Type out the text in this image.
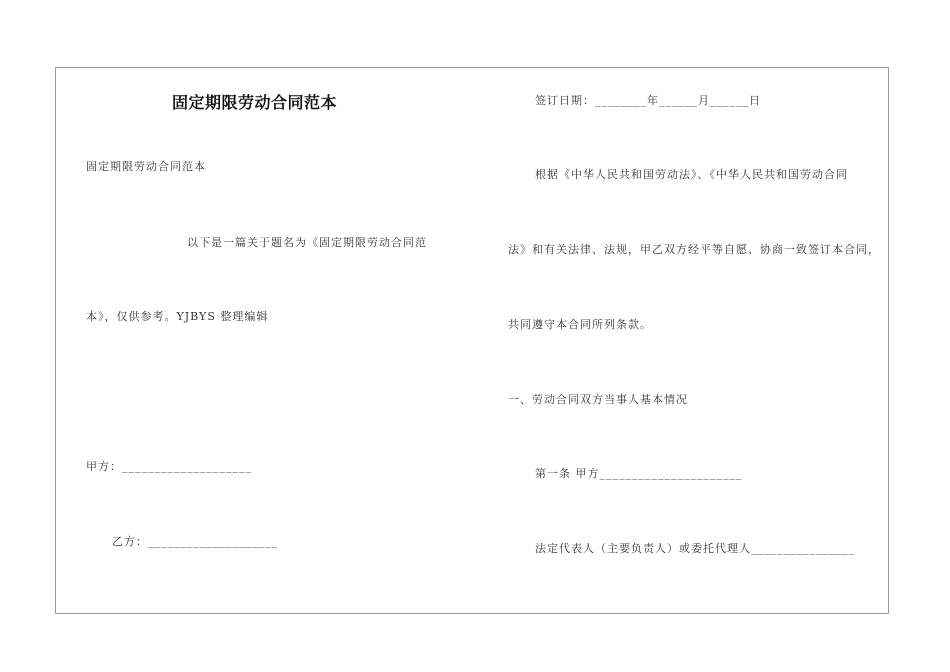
固定期限劳动合同范本
固定期限劳动合同范本
以下是一篇关于题名为《固定期限劳动合同范
本》，仅供参考。YJBYS 整理编辑
甲方：____________________
乙方：____________________
签订日期：________年______月______日
根据《中华人民共和国劳动法》、《中华人民共和国劳动合同
法》和有关法律、法规，甲乙双方经平等自愿、协商一致签订本合同，
共同遵守本合同所列条款。
一、劳动合同双方当事人基本情况
第一条 甲方______________________
法定代表人（主要负责人）或委托代理人________________
